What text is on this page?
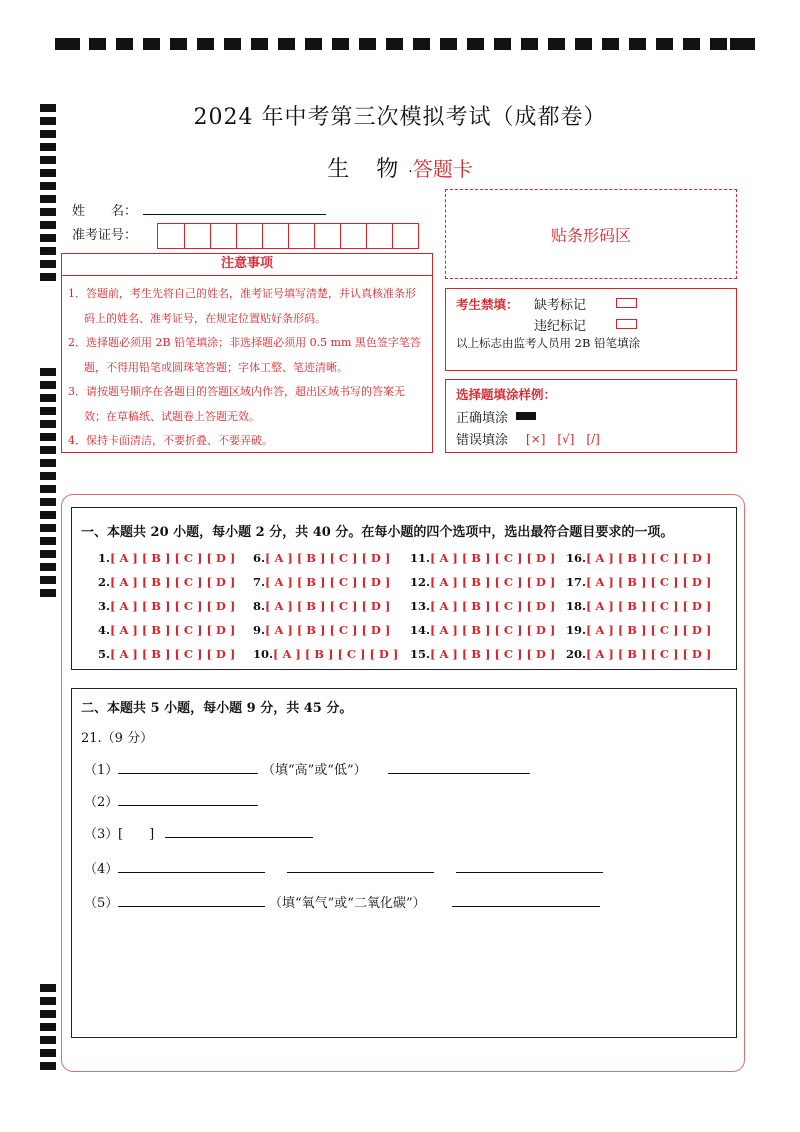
2024 年中考第三次模拟考试（成都卷）
生 物·答题卡
姓　　名：
准考证号：	贴条形码区
注意事项
1．答题前，考生先将自己的姓名，准考证号填写清楚，并认真核准条形码上的姓名、准考证号，在规定位置贴好条形码。
2．选择题必须用 2B 铅笔填涂；非选择题必须用 0.5 mm 黑色签字笔答题，不得用铅笔或圆珠笔答题；字体工整、笔迹清晰。
3．请按题号顺序在各题目的答题区域内作答，超出区域书写的答案无效；在草稿纸、试题卷上答题无效。
4．保持卡面清洁，不要折叠、不要弄破。
考生禁填： 缺考标记
违纪标记
以上标志由监考人员用 2B 铅笔填涂
选择题填涂样例：
正确填涂
错误填涂 [×]　[√]　[/]
一、本题共 20 小题，每小题 2 分，共 40 分。在每小题的四个选项中，选出最符合题目要求的一项。
1.[ A ] [ B ] [ C ] [ D ]
2.[ A ] [ B ] [ C ] [ D ]
3.[ A ] [ B ] [ C ] [ D ]
4.[ A ] [ B ] [ C ] [ D ]
5.[ A ] [ B ] [ C ] [ D ]
6.[ A ] [ B ] [ C ] [ D ]
7.[ A ] [ B ] [ C ] [ D ]
8.[ A ] [ B ] [ C ] [ D ]
9.[ A ] [ B ] [ C ] [ D ]
10.[ A ] [ B ] [ C ] [ D ]
11.[ A ] [ B ] [ C ] [ D ]
12.[ A ] [ B ] [ C ] [ D ]
13.[ A ] [ B ] [ C ] [ D ]
14.[ A ] [ B ] [ C ] [ D ]
15.[ A ] [ B ] [ C ] [ D ]
16.[ A ] [ B ] [ C ] [ D ]
17.[ A ] [ B ] [ C ] [ D ]
18.[ A ] [ B ] [ C ] [ D ]
19.[ A ] [ B ] [ C ] [ D ]
20.[ A ] [ B ] [ C ] [ D ]
二、本题共 5 小题，每小题 9 分，共 45 分。
21.（9 分）
（1）	（填“高”或“低”）
（2）
（3） [　　]
（4）
（5）	（填“氧气”或“二氧化碳”）
